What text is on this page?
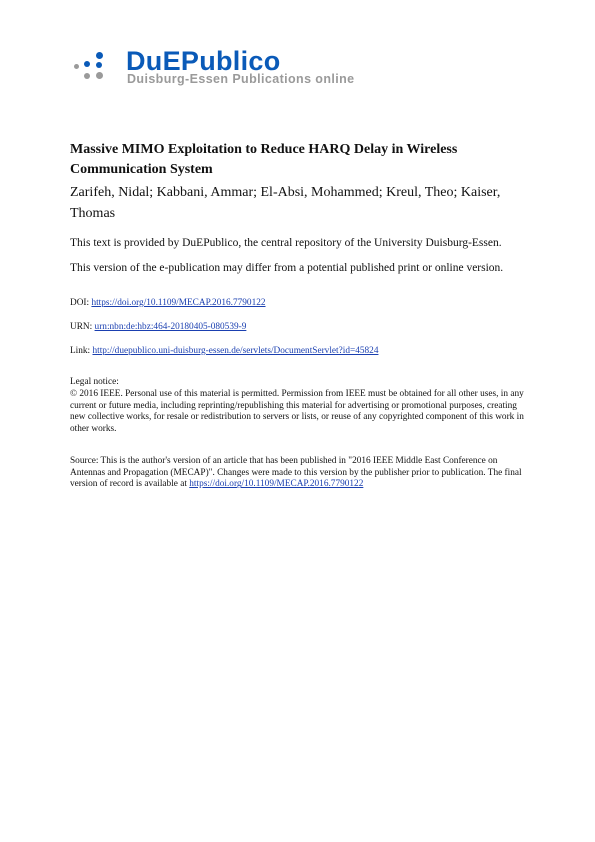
DuEPublico
Duisburg-Essen Publications online
Massive MIMO Exploitation to Reduce HARQ Delay in Wireless Communication System
Zarifeh, Nidal; Kabbani, Ammar; El-Absi, Mohammed; Kreul, Theo; Kaiser, Thomas
This text is provided by DuEPublico, the central repository of the University Duisburg-Essen.
This version of the e-publication may differ from a potential published print or online version.
DOI: https://doi.org/10.1109/MECAP.2016.7790122
URN: urn:nbn:de:hbz:464-20180405-080539-9
Link: http://duepublico.uni-duisburg-essen.de/servlets/DocumentServlet?id=45824
Legal notice:
© 2016 IEEE. Personal use of this material is permitted. Permission from IEEE must be obtained for all other uses, in any current or future media, including reprinting/republishing this material for advertising or promotional purposes, creating new collective works, for resale or redistribution to servers or lists, or reuse of any copyrighted component of this work in other works.
Source: This is the author's version of an article that has been published in "2016 IEEE Middle East Conference on Antennas and Propagation (MECAP)". Changes were made to this version by the publisher prior to publication. The final version of record is available at https://doi.org/10.1109/MECAP.2016.7790122
